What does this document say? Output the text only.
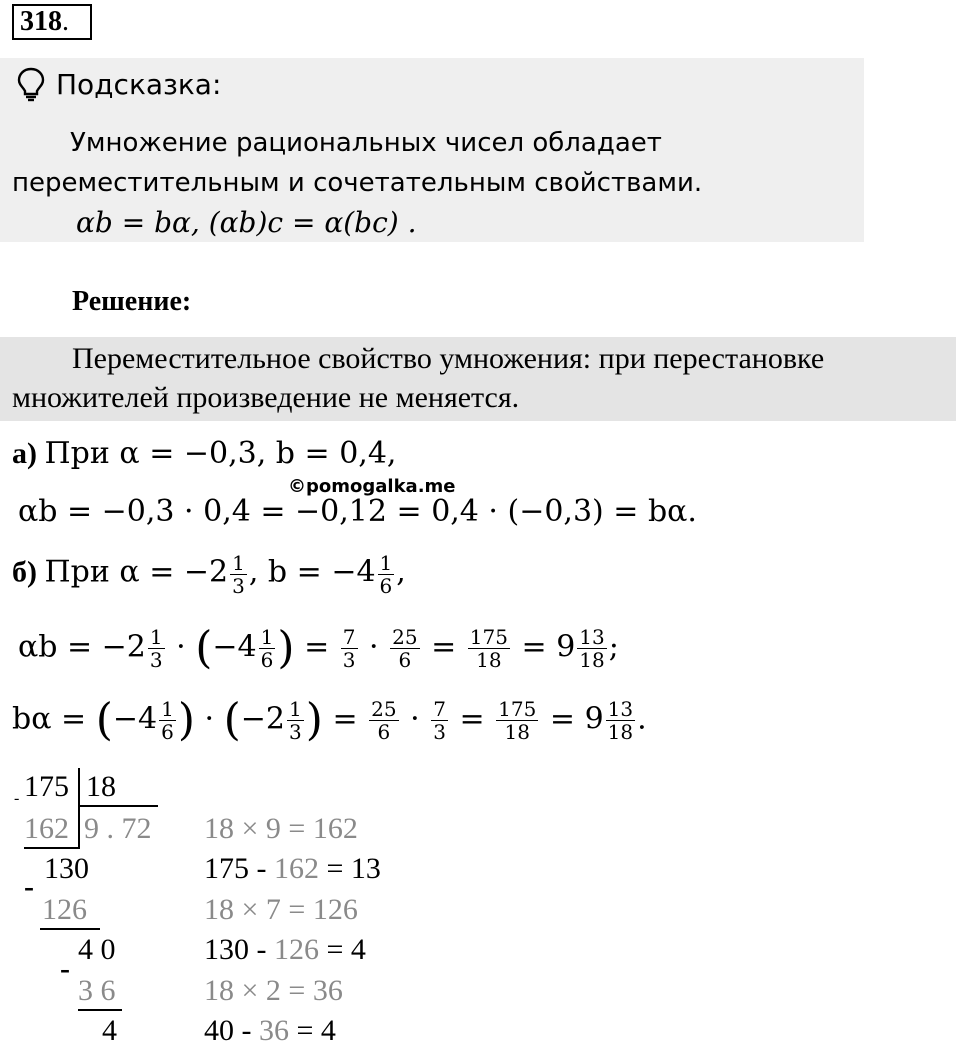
318.
Подсказка:
Умножение рациональных чисел обладает
переместительным и сочетательным свойствами.
αb = bα, (αb)c = α(bc) .
Решение:
Переместительное свойство умножения: при перестановке
множителей произведение не меняется.
а) При α = −0,3, b = 0,4,
©pomogalka.me
αb = −0,3 · 0,4 = −0,12 = 0,4 · (−0,3) = bα.
б) При $\alpha = -2 \frac{1}{3}$ , $b = -4 \frac{1}{6}$ ,
$\alpha b = -2 \frac{1}{3} \cdot (-4 \frac{1}{6}$ ) = $\frac{7}{3} \cdot \frac{25}{6} = \frac{175}{18} = 9 \frac{13}{18}$ ;
$b\alpha = (-4 \frac{1}{6}$ ) · ($-2 \frac{1}{3}$ ) = $\frac{25}{6} \cdot \frac{7}{3} = \frac{175}{18} = 9 \frac{13}{18}$ .
175 18
-
162 9 . 72
130
-
126
4 0
-
3 6
4
18 × 9 = 162
175 - 162 = 13
18 × 7 = 126
130 - 126 = 4
18 × 2 = 36
40 - 36 = 4
